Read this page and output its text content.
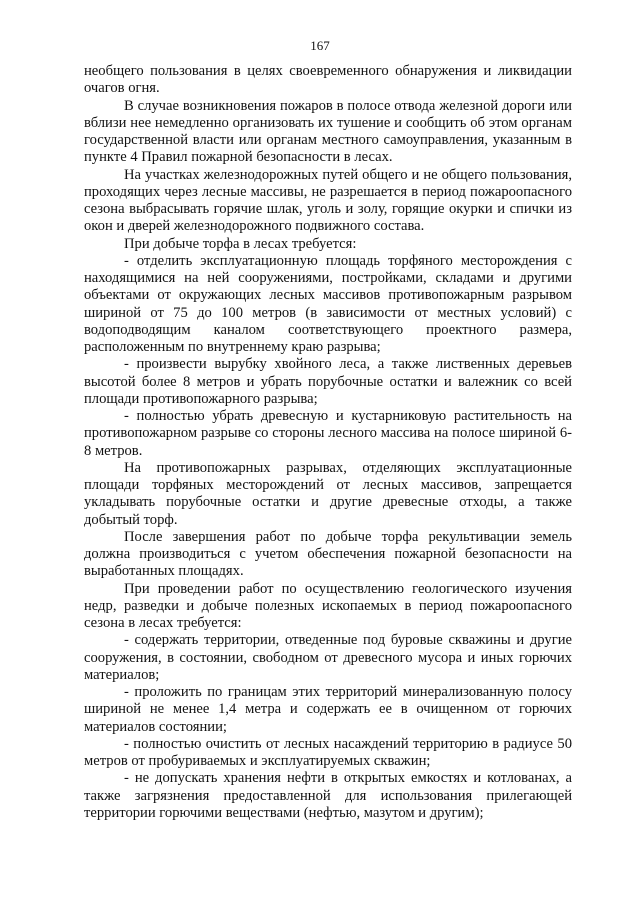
167

необщего пользования в целях своевременного обнаружения и ликвидации очагов огня.

В случае возникновения пожаров в полосе отвода железной дороги или вблизи нее немедленно организовать их тушение и сообщить об этом органам государственной власти или органам местного самоуправления, указанным в пункте 4 Правил пожарной безопасности в лесах.

На участках железнодорожных путей общего и не общего пользования, проходящих через лесные массивы, не разрешается в период пожароопасного сезона выбрасывать горячие шлак, уголь и золу, горящие окурки и спички из окон и дверей железнодорожного подвижного состава.

При добыче торфа в лесах требуется:

- отделить эксплуатационную площадь торфяного месторождения с находящимися на ней сооружениями, постройками, складами и другими объектами от окружающих лесных массивов противопожарным разрывом шириной от 75 до 100 метров (в зависимости от местных условий) с водоподводящим каналом соответствующего проектного размера, расположенным по внутреннему краю разрыва;

- произвести вырубку хвойного леса, а также лиственных деревьев высотой более 8 метров и убрать порубочные остатки и валежник со всей площади противопожарного разрыва;

- полностью убрать древесную и кустарниковую растительность на противопожарном разрыве со стороны лесного массива на полосе шириной 6-8 метров.

На противопожарных разрывах, отделяющих эксплуатационные площади торфяных месторождений от лесных массивов, запрещается укладывать порубочные остатки и другие древесные отходы, а также добытый торф.

После завершения работ по добыче торфа рекультивации земель должна производиться с учетом обеспечения пожарной безопасности на выработанных площадях.

При проведении работ по осуществлению геологического изучения недр, разведки и добыче полезных ископаемых в период пожароопасного сезона в лесах требуется:

- содержать территории, отведенные под буровые скважины и другие сооружения, в состоянии, свободном от древесного мусора и иных горючих материалов;

- проложить по границам этих территорий минерализованную полосу шириной не менее 1,4 метра и содержать ее в очищенном от горючих материалов состоянии;

- полностью очистить от лесных насаждений территорию в радиусе 50 метров от пробуриваемых и эксплуатируемых скважин;

- не допускать хранения нефти в открытых емкостях и котлованах, а также загрязнения предоставленной для использования прилегающей территории горючими веществами (нефтью, мазутом и другим);
